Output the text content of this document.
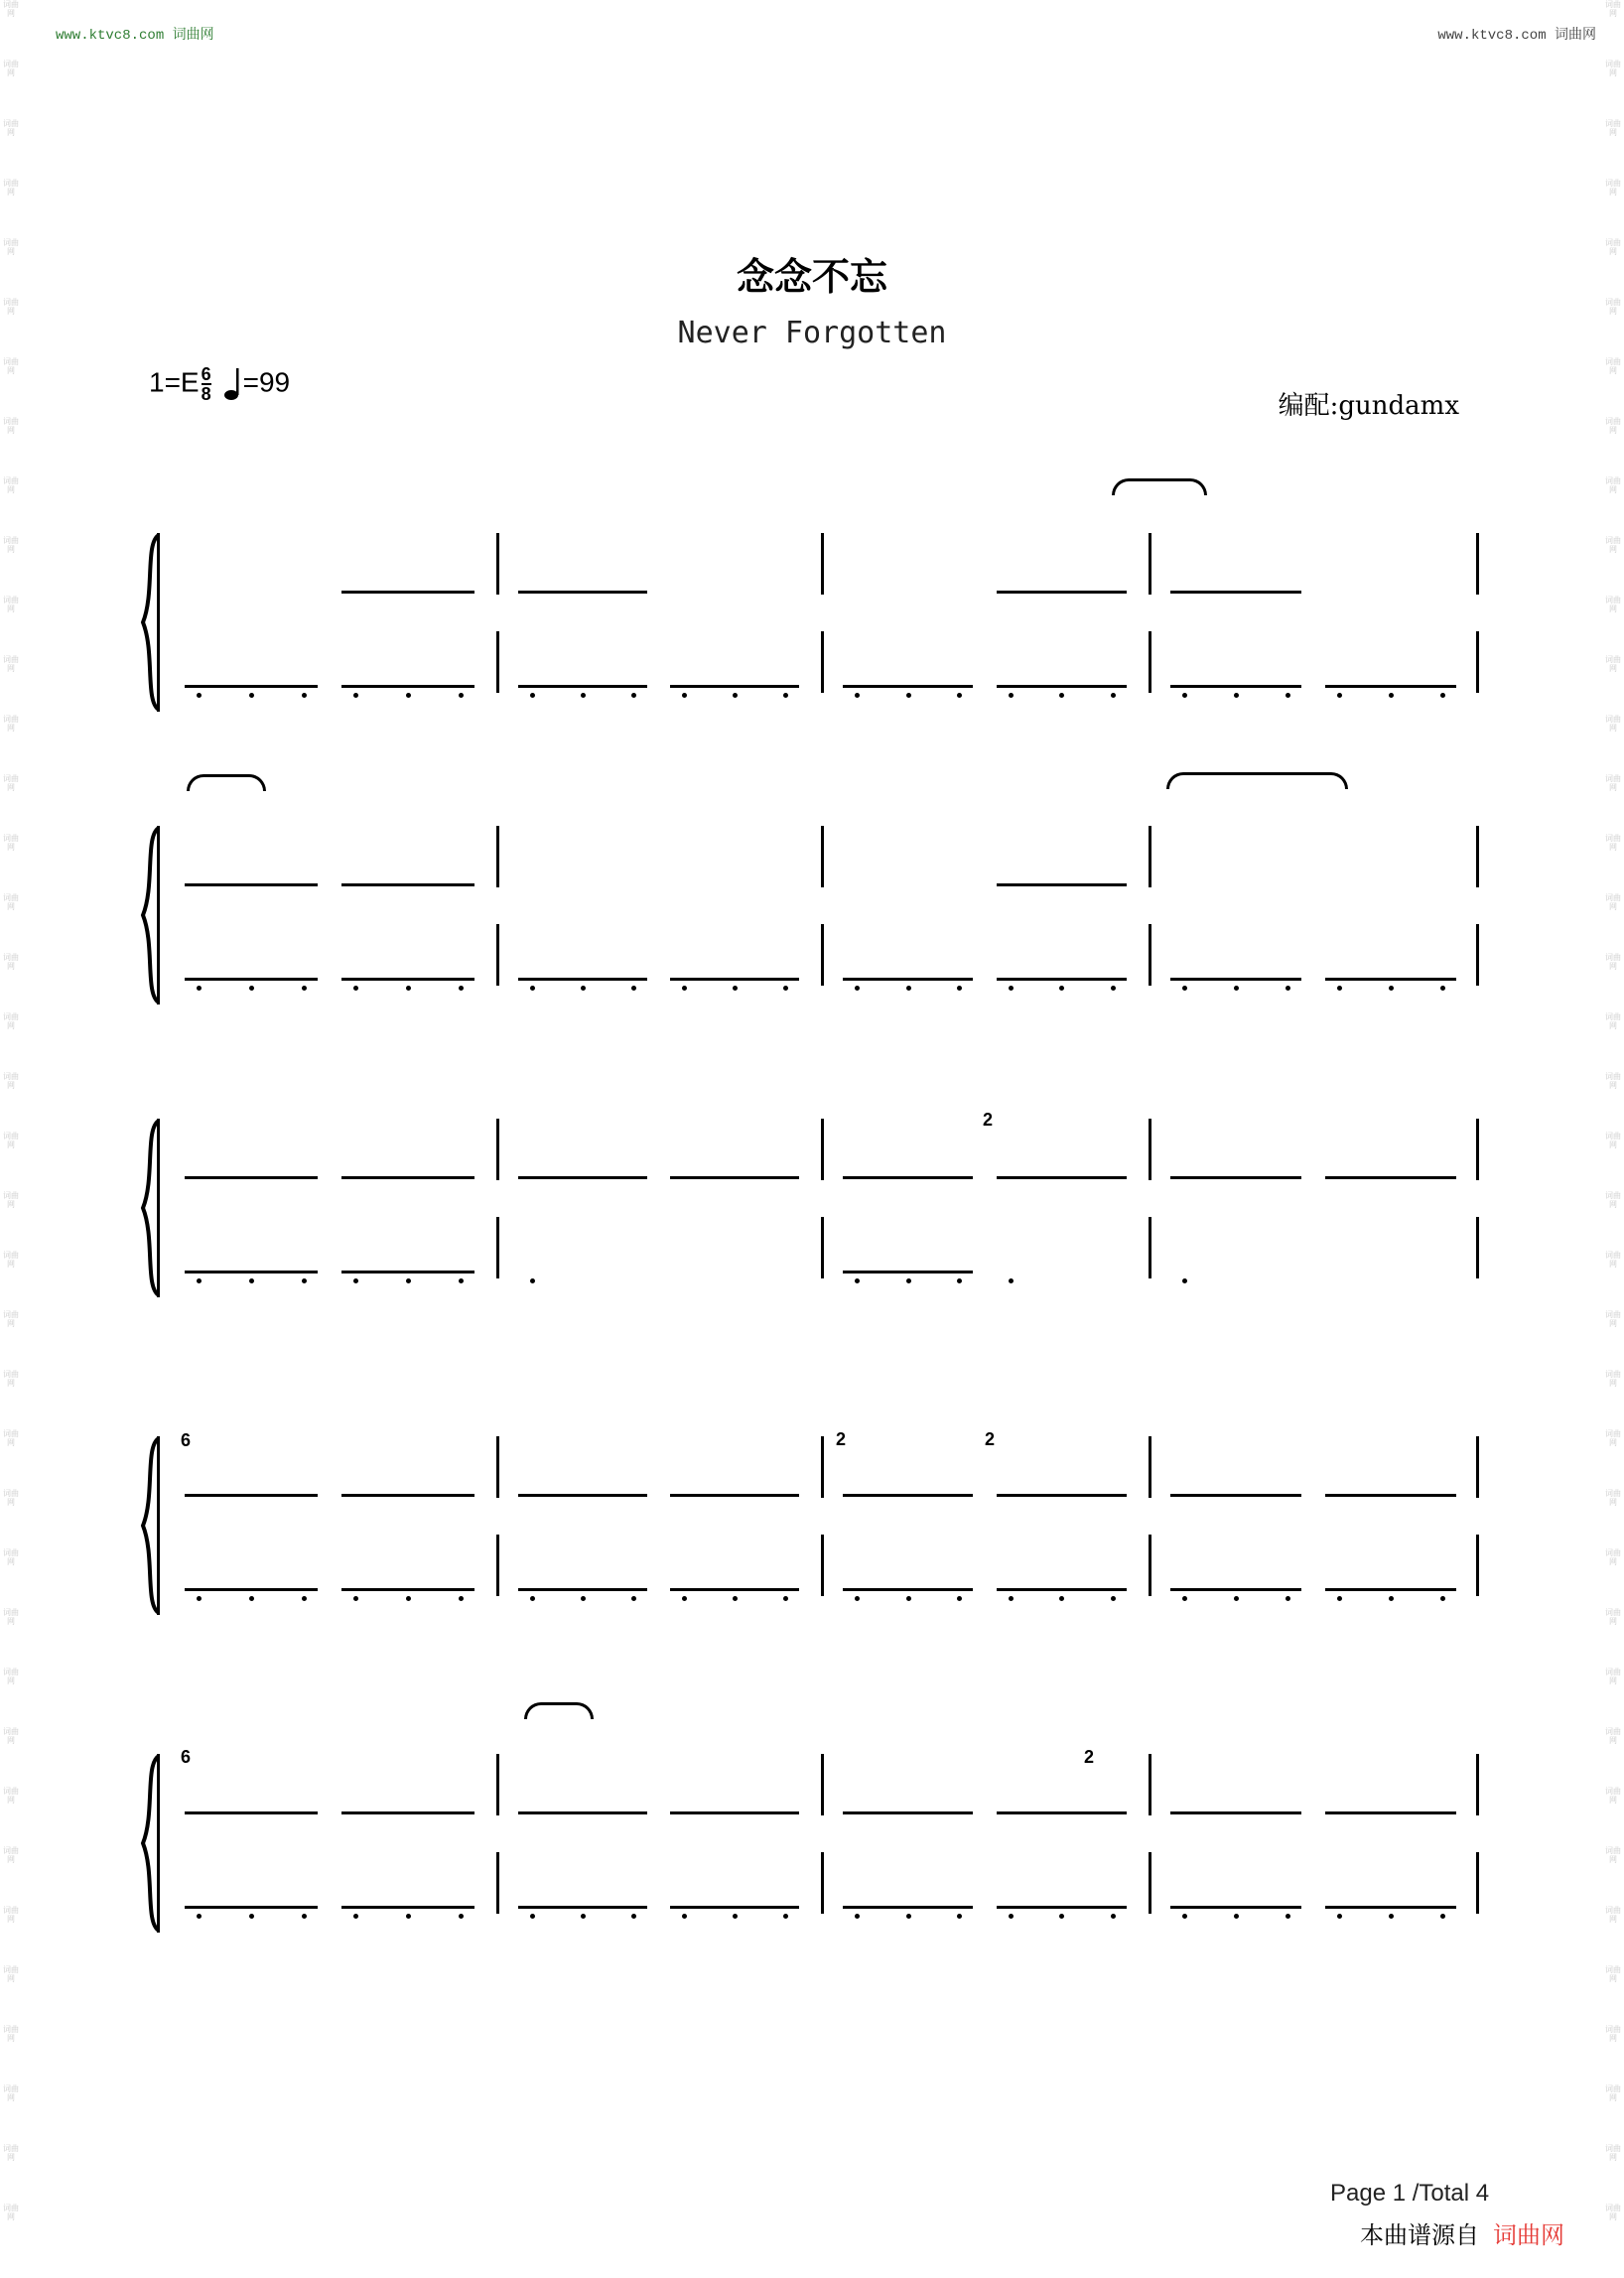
www.ktvc8.com 词曲网	www.ktvc8.com 词曲网
词曲网
词曲网
词曲网
词曲网
词曲网
词曲网
词曲网
词曲网
词曲网
词曲网
词曲网
词曲网
词曲网
词曲网
词曲网
词曲网
词曲网
词曲网
词曲网
词曲网
词曲网
词曲网
词曲网
词曲网
词曲网
词曲网
词曲网
词曲网
词曲网
词曲网
词曲网
词曲网
词曲网
词曲网
词曲网
词曲网
词曲网
词曲网
词曲网
词曲网
词曲网
词曲网
词曲网
词曲网
词曲网
词曲网
词曲网
词曲网
词曲网
词曲网
词曲网
词曲网
词曲网
词曲网
词曲网
词曲网
词曲网
词曲网
词曲网
词曲网
词曲网
词曲网
词曲网
词曲网
词曲网
词曲网
词曲网
词曲网
词曲网
词曲网
词曲网
词曲网
词曲网
词曲网
词曲网
词曲网
念念不忘
Never Forgotten
$1=E \frac{6}{8} =99$
编配:gundamx
6
6
2
2	2
2
Page 1 /Total 4
本曲谱源自 词曲网
